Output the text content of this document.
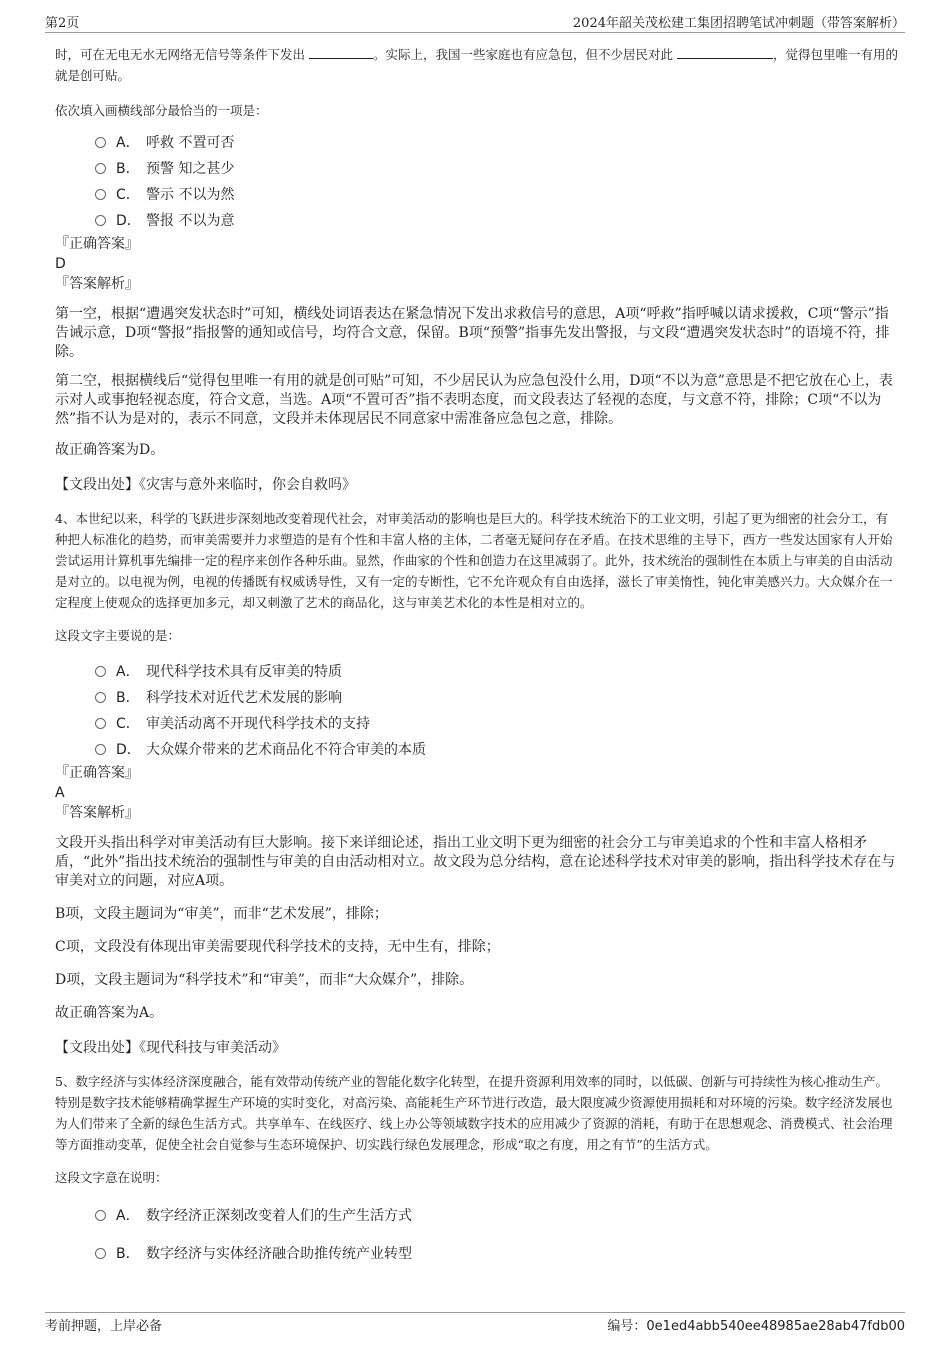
第2页	2024年韶关茂松建工集团招聘笔试冲刺题（带答案解析）

时，可在无电无水无网络无信号等条件下发出	。实际上，我国一些家庭也有应急包，但不少居民对此	，觉得包里唯一有用的就是创可贴。

依次填入画横线部分最恰当的一项是：

A． 呼救 不置可否
B． 预警 知之甚少
C． 警示 不以为然
D． 警报 不以为意

『正确答案』

D

『答案解析』

第一空，根据“遭遇突发状态时”可知，横线处词语表达在紧急情况下发出求救信号的意思，A项“呼救”指呼喊以请求援救，C项“警示”指告诫示意，D项“警报”指报警的通知或信号，均符合文意，保留。B项“预警”指事先发出警报，与文段“遭遇突发状态时”的语境不符，排除。

第二空，根据横线后“觉得包里唯一有用的就是创可贴”可知，不少居民认为应急包没什么用，D项“不以为意”意思是不把它放在心上，表示对人或事抱轻视态度，符合文意，当选。A项“不置可否”指不表明态度，而文段表达了轻视的态度，与文意不符，排除；C项“不以为然”指不认为是对的，表示不同意，文段并未体现居民不同意家中需准备应急包之意，排除。

故正确答案为D。

【文段出处】《灾害与意外来临时，你会自救吗》

4、本世纪以来，科学的飞跃进步深刻地改变着现代社会，对审美活动的影响也是巨大的。科学技术统治下的工业文明，引起了更为细密的社会分工，有种把人标准化的趋势，而审美需要并力求塑造的是有个性和丰富人格的主体，二者毫无疑问存在矛盾。在技术思维的主导下，西方一些发达国家有人开始尝试运用计算机事先编排一定的程序来创作各种乐曲。显然，作曲家的个性和创造力在这里减弱了。此外，技术统治的强制性在本质上与审美的自由活动是对立的。以电视为例，电视的传播既有权威诱导性，又有一定的专断性，它不允许观众有自由选择，滋长了审美惰性，钝化审美感兴力。大众媒介在一定程度上使观众的选择更加多元，却又刺激了艺术的商品化，这与审美艺术化的本性是相对立的。

这段文字主要说的是：

A． 现代科学技术具有反审美的特质
B． 科学技术对近代艺术发展的影响
C． 审美活动离不开现代科学技术的支持
D． 大众媒介带来的艺术商品化不符合审美的本质

『正确答案』

A

『答案解析』

文段开头指出科学对审美活动有巨大影响。接下来详细论述，指出工业文明下更为细密的社会分工与审美追求的个性和丰富人格相矛盾，“此外”指出技术统治的强制性与审美的自由活动相对立。故文段为总分结构，意在论述科学技术对审美的影响，指出科学技术存在与审美对立的问题，对应A项。

B项，文段主题词为“审美”，而非“艺术发展”，排除；

C项，文段没有体现出审美需要现代科学技术的支持，无中生有，排除；

D项，文段主题词为“科学技术”和“审美”，而非“大众媒介”，排除。

故正确答案为A。

【文段出处】《现代科技与审美活动》

5、数字经济与实体经济深度融合，能有效带动传统产业的智能化数字化转型，在提升资源利用效率的同时，以低碳、创新与可持续性为核心推动生产。特别是数字技术能够精确掌握生产环境的实时变化，对高污染、高能耗生产环节进行改造，最大限度减少资源使用损耗和对环境的污染。数字经济发展也为人们带来了全新的绿色生活方式。共享单车、在线医疗、线上办公等领域数字技术的应用减少了资源的消耗，有助于在思想观念、消费模式、社会治理等方面推动变革，促使全社会自觉参与生态环境保护、切实践行绿色发展理念，形成“取之有度，用之有节”的生活方式。

这段文字意在说明：

A． 数字经济正深刻改变着人们的生产生活方式
B． 数字经济与实体经济融合助推传统产业转型
考前押题，上岸必备	编号：0e1ed4abb540ee48985ae28ab47fdb00
